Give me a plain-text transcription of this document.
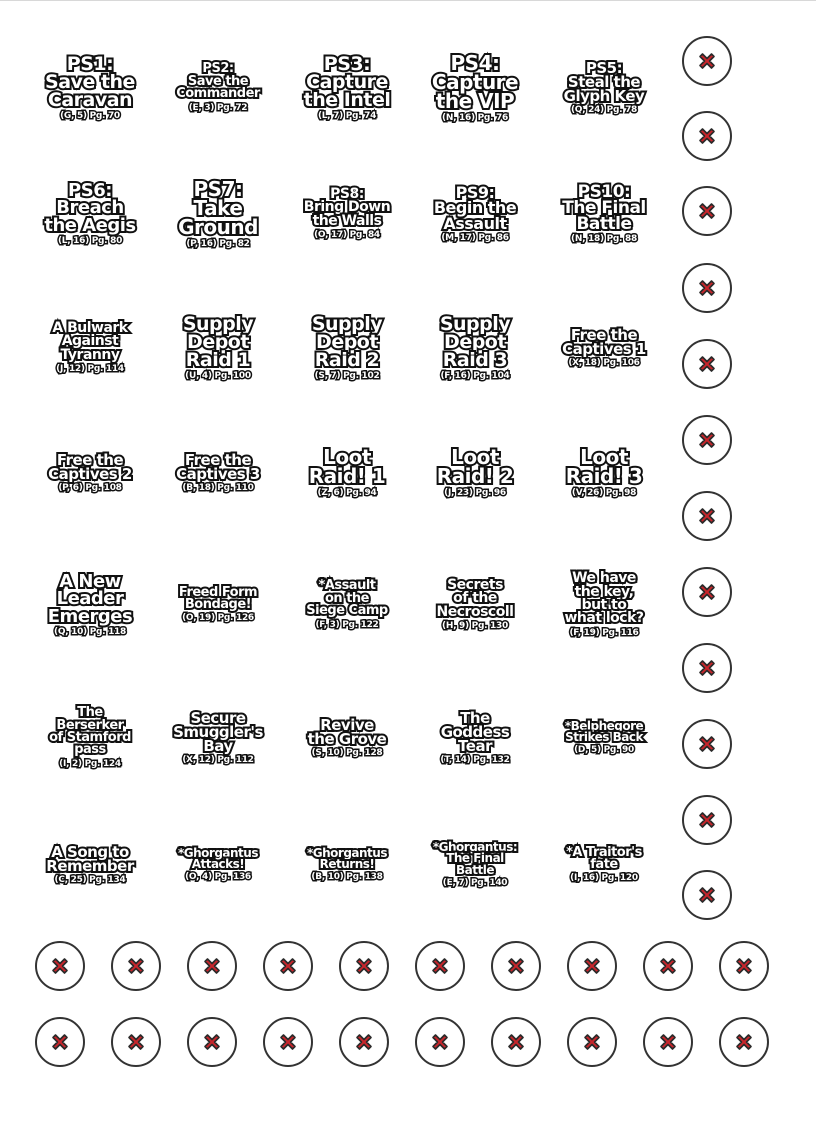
PS1:
Save the
Caravan
(G, 5) Pg. 70
PS2:
Save the
Commander
(E, 3) Pg. 72
PS3:
Capture
the Intel
(L, 7) Pg. 74
PS4:
Capture
the VIP
(N, 16) Pg. 76
PS5:
Steal the
Glyph Key
(Q, 24) Pg. 78
PS6:
Breach
the Aegis
(L, 16) Pg. 80
PS7:
Take
Ground
(P, 16) Pg. 82
PS8:
Bring Down
the Walls
(O, 17) Pg. 84
PS9:
Begin the
Assault
(M, 17) Pg. 86
PS10:
The Final
Battle
(N, 18) Pg. 88
A Bulwark
Against
Tyranny
(J, 12) Pg. 114
Supply
Depot
Raid 1
(U, 4) Pg. 100
Supply
Depot
Raid 2
(S, 7) Pg. 102
Supply
Depot
Raid 3
(F, 16) Pg. 104
Free the
Captives 1
(X, 18) Pg. 106
Free the
Captives 2
(P, 6) Pg. 108
Free the
Captives 3
(B, 18) Pg. 110
Loot
Raid! 1
(Z, 6) Pg. 94
Loot
Raid! 2
(J, 23) Pg. 96
Loot
Raid! 3
(V, 26) Pg. 98
A New
Leader
Emerges
(Q, 10) Pg. 118
Freed Form
Bondage!
(O, 19) Pg. 126
*Assault
on the
Siege Camp
(F, 3) Pg. 122
Secrets
of the
Necroscoll
(H, 9) Pg. 130
We have
the key,
but to
what lock?
(F, 19) Pg. 116
The
Berserker
of Stamford
pass
(I, 2) Pg. 124
Secure
Smuggler's
Bay
(X, 12) Pg. 112
Revive
the Grove
(S, 10) Pg. 128
The
Goddess
Tear
(T, 14) Pg. 132
*Belphegore
Strikes Back
(D, 5) Pg. 90
A Song to
Remember
(C, 25) Pg. 134
*Ghorgantus
Attacks!
(O, 4) Pg. 136
*Ghorgantus
Returns!
(B, 10) Pg. 138
*Ghorgantus:
The Final
Battle
(E, 7) Pg. 140
*A Traitor's
fate
(I, 16) Pg. 120
